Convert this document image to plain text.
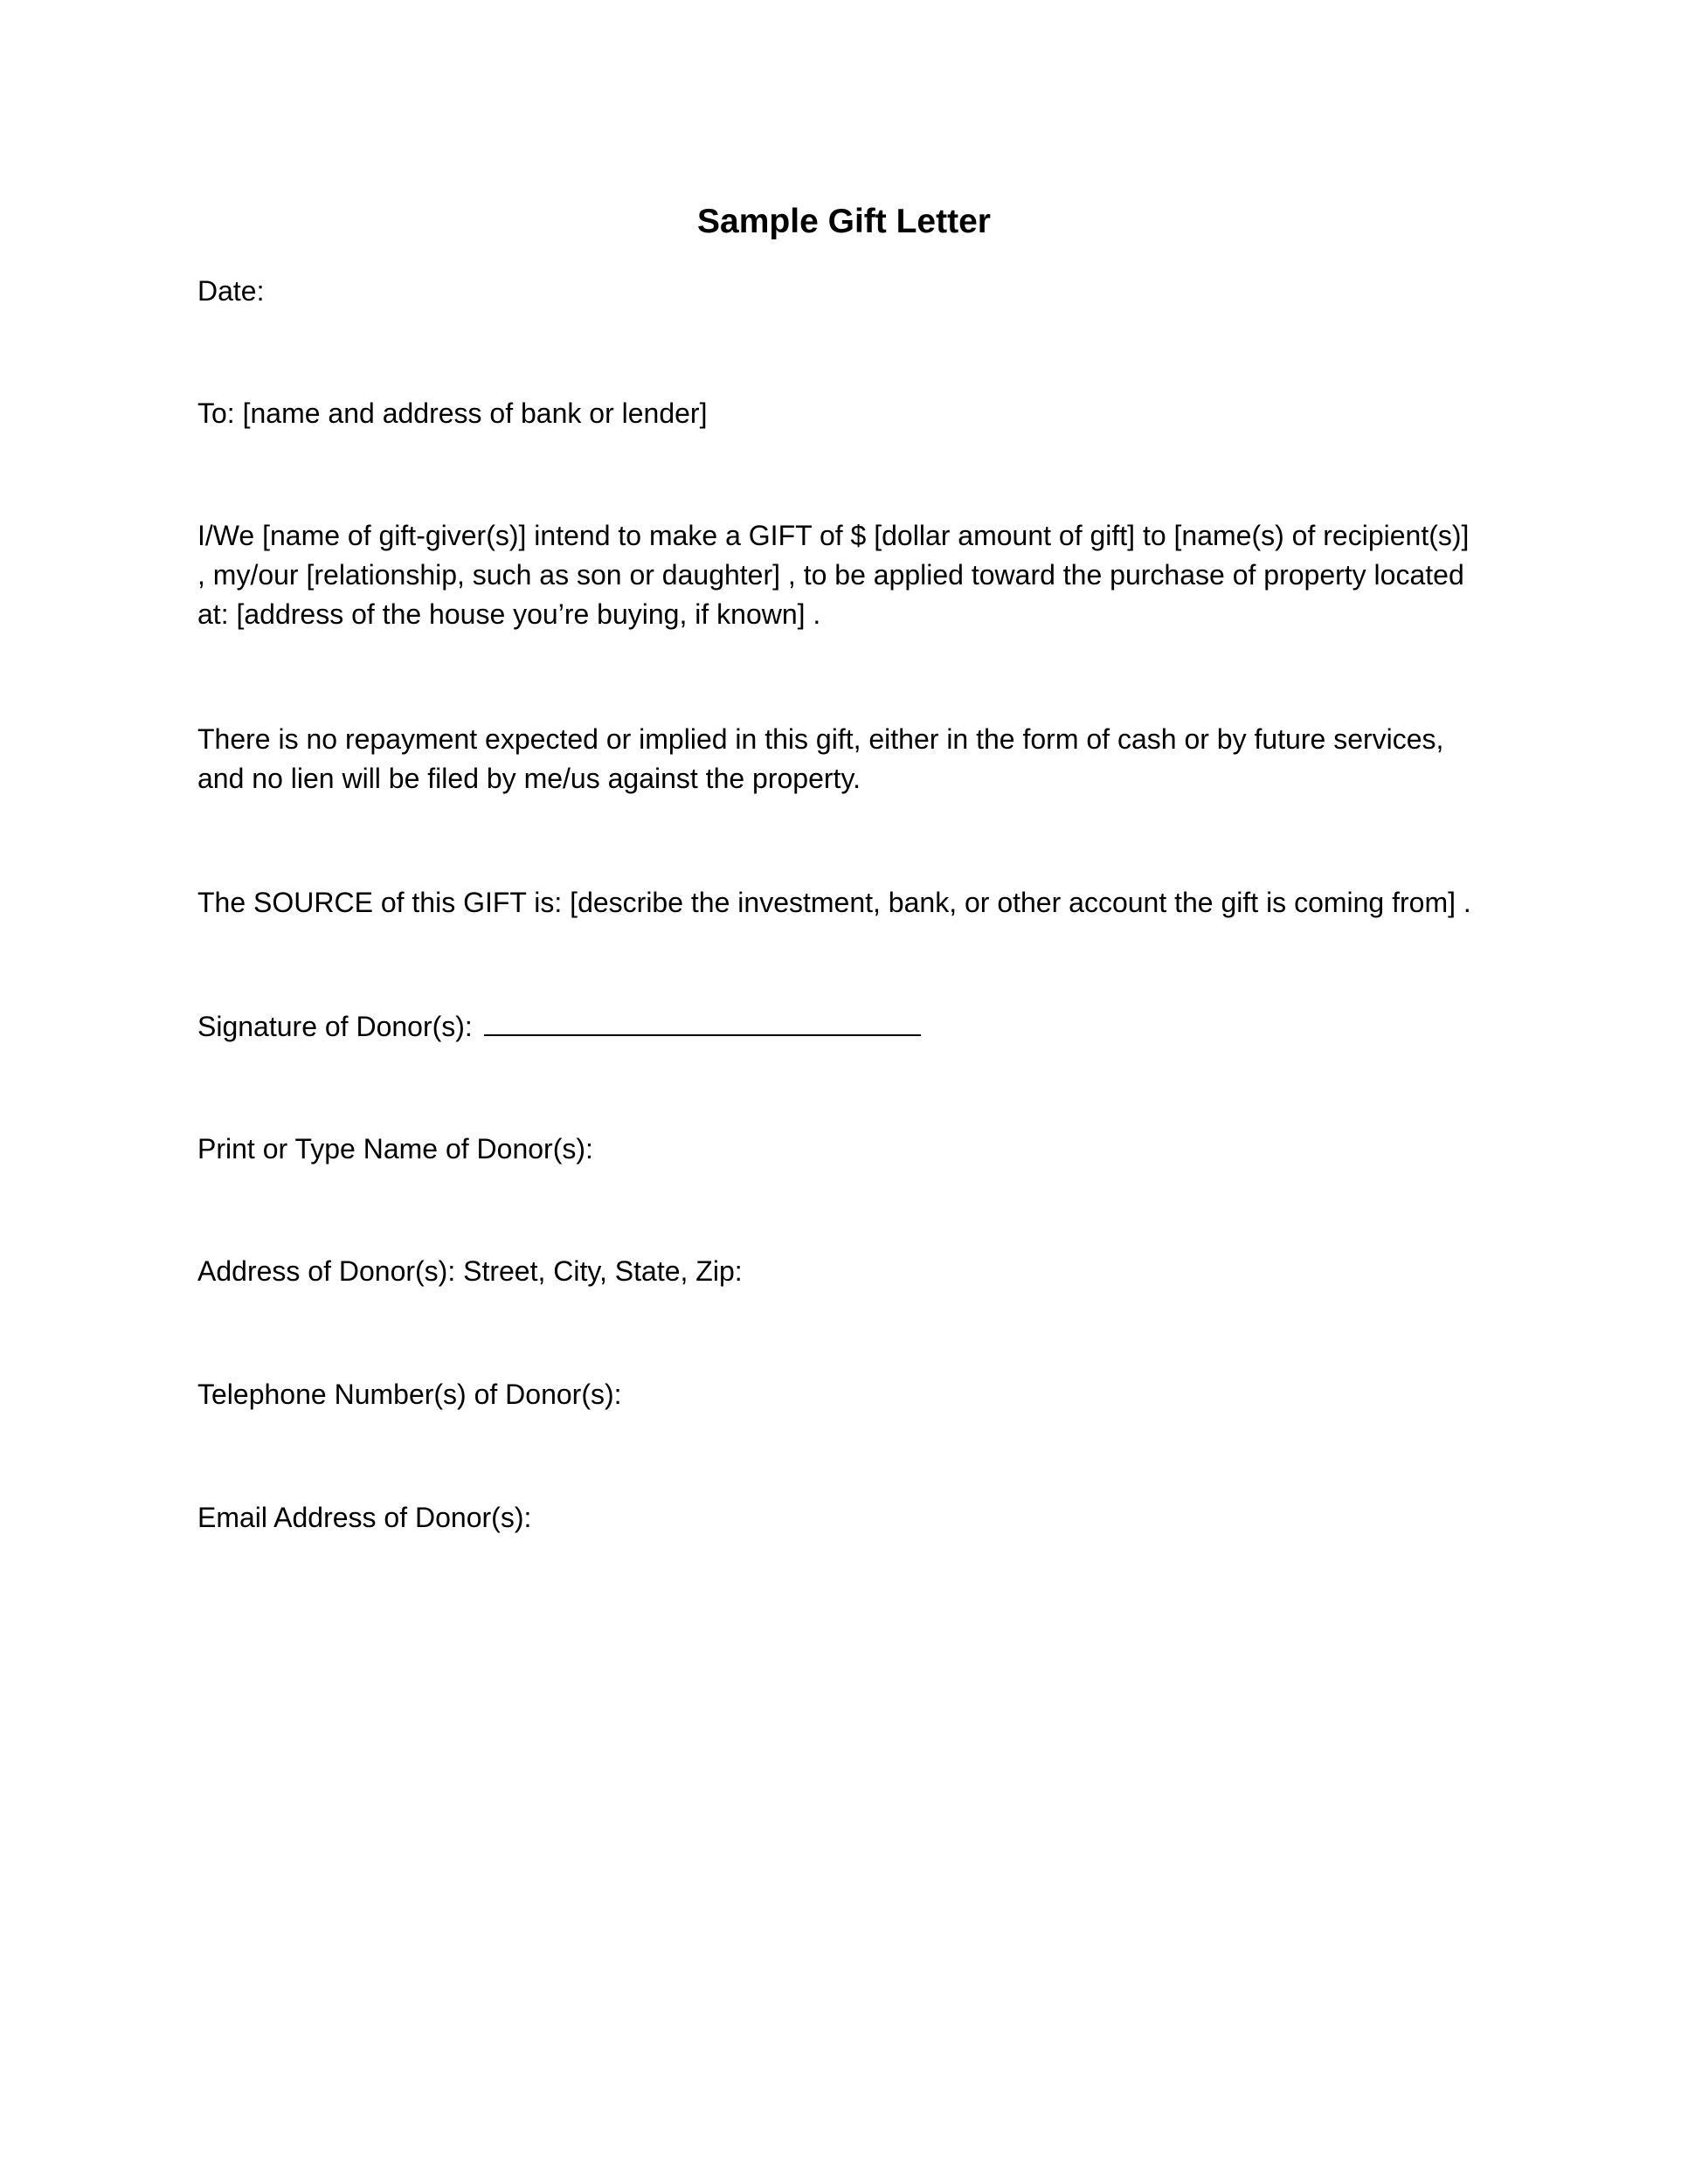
Sample Gift Letter

Date:

To: [name and address of bank or lender]

I/We [name of gift-giver(s)] intend to make a GIFT of $ [dollar amount of gift] to [name(s) of recipient(s)]
, my/our [relationship, such as son or daughter] , to be applied toward the purchase of property located
at: [address of the house you’re buying, if known] .
There is no repayment expected or implied in this gift, either in the form of cash or by future services,
and no lien will be filed by me/us against the property.

The SOURCE of this GIFT is: [describe the investment, bank, or other account the gift is coming from] .

Signature of Donor(s):

Print or Type Name of Donor(s):

Address of Donor(s): Street, City, State, Zip:

Telephone Number(s) of Donor(s):

Email Address of Donor(s):
